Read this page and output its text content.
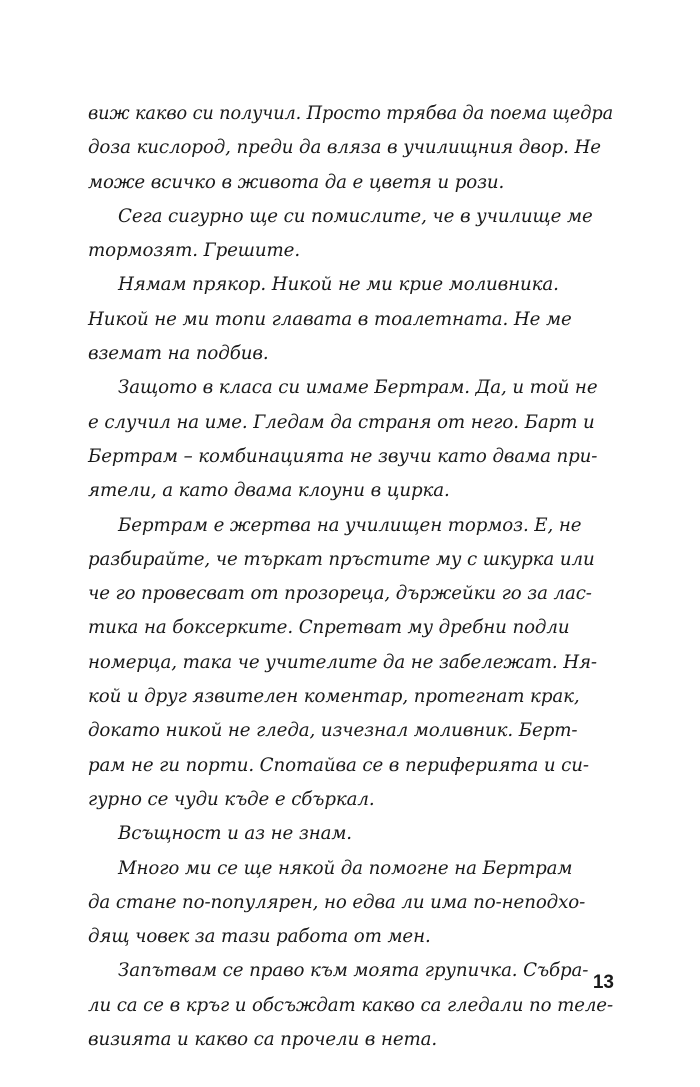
виж какво си получил. Просто трябва да поема щедра
доза кислород, преди да вляза в училищния двор. Не
може всичко в живота да е цветя и рози.
Сега сигурно ще си помислите, че в училище ме
тормозят. Грешите.
Нямам прякор. Никой не ми крие моливника.
Никой не ми топи главата в тоалетната. Не ме
вземат на подбив.
Защото в класа си имаме Бертрам. Да, и той не
е случил на име. Гледам да страня от него. Барт и
Бертрам – комбинацията не звучи като двама при-
ятели, а като двама клоуни в цирка.
Бертрам е жертва на училищен тормоз. Е, не
разбирайте, че търкат пръстите му с шкурка или
че го провесват от прозореца, държейки го за лас-
тика на боксерките. Спретват му дребни подли
номерца, така че учителите да не забележат. Ня-
кой и друг язвителен коментар, протегнат крак,
докато никой не гледа, изчезнал моливник. Берт-
рам не ги порти. Спотайва се в периферията и си-
гурно се чуди къде е сбъркал.
Всъщност и аз не знам.
Много ми се ще някой да помогне на Бертрам
да стане по-популярен, но едва ли има по-неподхо-
дящ човек за тази работа от мен.
Запътвам се право към моята групичка. Събра-
ли са се в кръг и обсъждат какво са гледали по теле-
визията и какво са прочели в нета.
13
